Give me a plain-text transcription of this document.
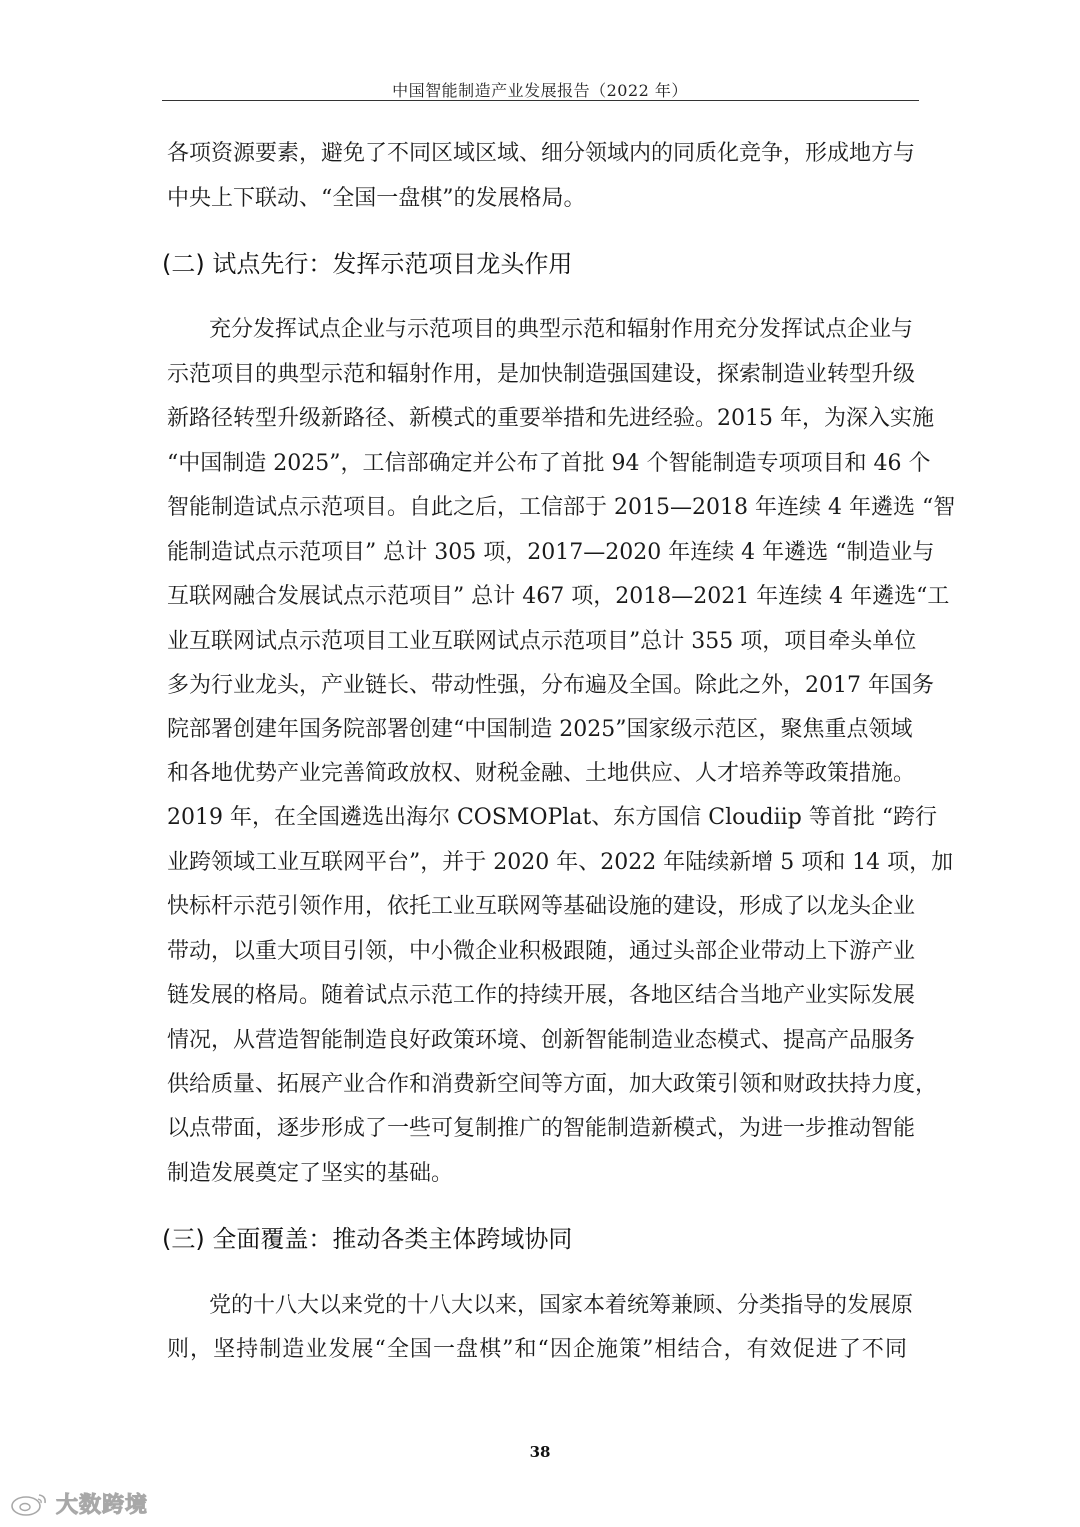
中国智能制造产业发展报告（2022 年）
各项资源要素，避免了不同区域区域、细分领域内的同质化竞争，形成地方与
中央上下联动、“全国一盘棋”的发展格局。
(二) 试点先行：发挥示范项目龙头作用
充分发挥试点企业与示范项目的典型示范和辐射作用充分发挥试点企业与
示范项目的典型示范和辐射作用，是加快制造强国建设，探索制造业转型升级
新路径转型升级新路径、新模式的重要举措和先进经验。2015 年，为深入实施
“中国制造 2025”，工信部确定并公布了首批 94 个智能制造专项项目和 46 个
智能制造试点示范项目。自此之后，工信部于 2015—2018 年连续 4 年遴选 “智
能制造试点示范项目” 总计 305 项，2017—2020 年连续 4 年遴选 “制造业与
互联网融合发展试点示范项目” 总计 467 项，2018—2021 年连续 4 年遴选“工
业互联网试点示范项目工业互联网试点示范项目”总计 355 项，项目牵头单位
多为行业龙头，产业链长、带动性强，分布遍及全国。除此之外，2017 年国务
院部署创建年国务院部署创建“中国制造 2025”国家级示范区，聚焦重点领域
和各地优势产业完善简政放权、财税金融、土地供应、人才培养等政策措施。
2019 年，在全国遴选出海尔 COSMOPlat、东方国信 Cloudiip 等首批 “跨行
业跨领域工业互联网平台”，并于 2020 年、2022 年陆续新增 5 项和 14 项，加
快标杆示范引领作用，依托工业互联网等基础设施的建设，形成了以龙头企业
带动，以重大项目引领，中小微企业积极跟随，通过头部企业带动上下游产业
链发展的格局。随着试点示范工作的持续开展，各地区结合当地产业实际发展
情况，从营造智能制造良好政策环境、创新智能制造业态模式、提高产品服务
供给质量、拓展产业合作和消费新空间等方面，加大政策引领和财政扶持力度，
以点带面，逐步形成了一些可复制推广的智能制造新模式，为进一步推动智能
制造发展奠定了坚实的基础。
(三) 全面覆盖：推动各类主体跨域协同
党的十八大以来党的十八大以来，国家本着统筹兼顾、分类指导的发展原
则，坚持制造业发展“全国一盘棋”和“因企施策”相结合，有效促进了不同
38
大数跨境
